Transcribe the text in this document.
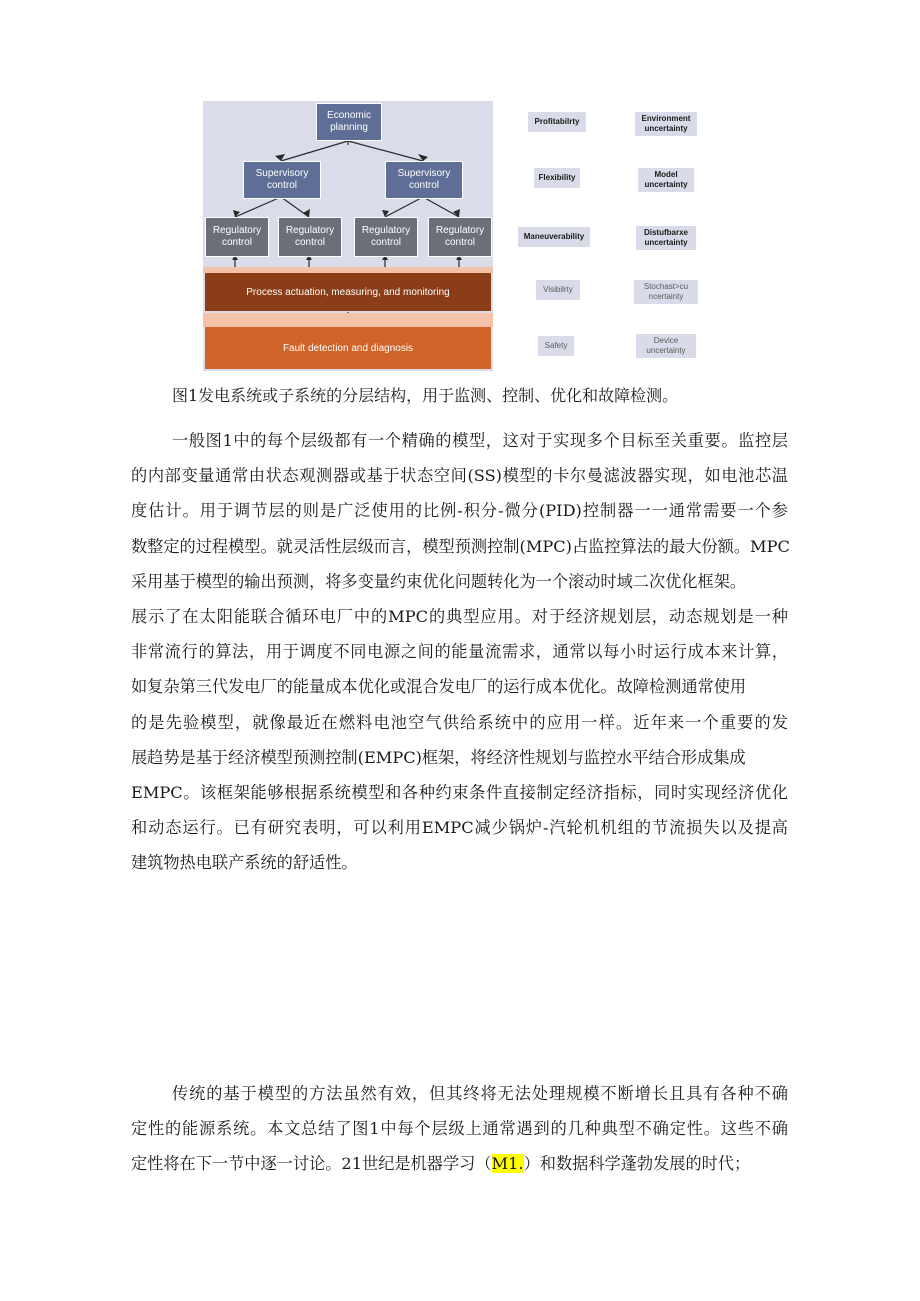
Economic planning
Supervisory control
Supervisory control
Regulatory control
Regulatory control
Regulatory control
Regulatory control
Process actuation, measuring, and monitoring
Fault detection and diagnosis
Profitabilrty
Flexibility
Maneuverability
Visibilrty
Safety
Environment uncertainty
Model uncertainty
Distufbarxe uncertainty
Stochast>cu ncertainty
Device uncertainty
图1发电系统或子系统的分层结构，用于监测、控制、优化和故障检测。
一般图1中的每个层级都有一个精确的模型，这对于实现多个目标至关重要。监控层
的内部变量通常由状态观测器或基于状态空间(SS)模型的卡尔曼滤波器实现，如电池芯温
度估计。用于调节层的则是广泛使用的比例-积分-微分(PID)控制器一一通常需要一个参
数整定的过程模型。就灵活性层级而言，模型预测控制(MPC)占监控算法的最大份额。MPC
采用基于模型的输出预测，将多变量约束优化问题转化为一个滚动时域二次优化框架。
展示了在太阳能联合循环电厂中的MPC的典型应用。对于经济规划层，动态规划是一种
非常流行的算法，用于调度不同电源之间的能量流需求，通常以每小时运行成本来计算，
如复杂第三代发电厂的能量成本优化或混合发电厂的运行成本优化。故障检测通常使用
的是先验模型，就像最近在燃料电池空气供给系统中的应用一样。近年来一个重要的发
展趋势是基于经济模型预测控制(EMPC)框架，将经济性规划与监控水平结合形成集成
EMPC。该框架能够根据系统模型和各种约束条件直接制定经济指标，同时实现经济优化
和动态运行。已有研究表明，可以利用EMPC减少锅炉-汽轮机机组的节流损失以及提高
建筑物热电联产系统的舒适性。
传统的基于模型的方法虽然有效，但其终将无法处理规模不断增长且具有各种不确
定性的能源系统。本文总结了图1中每个层级上通常遇到的几种典型不确定性。这些不确
定性将在下一节中逐一讨论。21世纪是机器学习（M1.）和数据科学蓬勃发展的时代；
